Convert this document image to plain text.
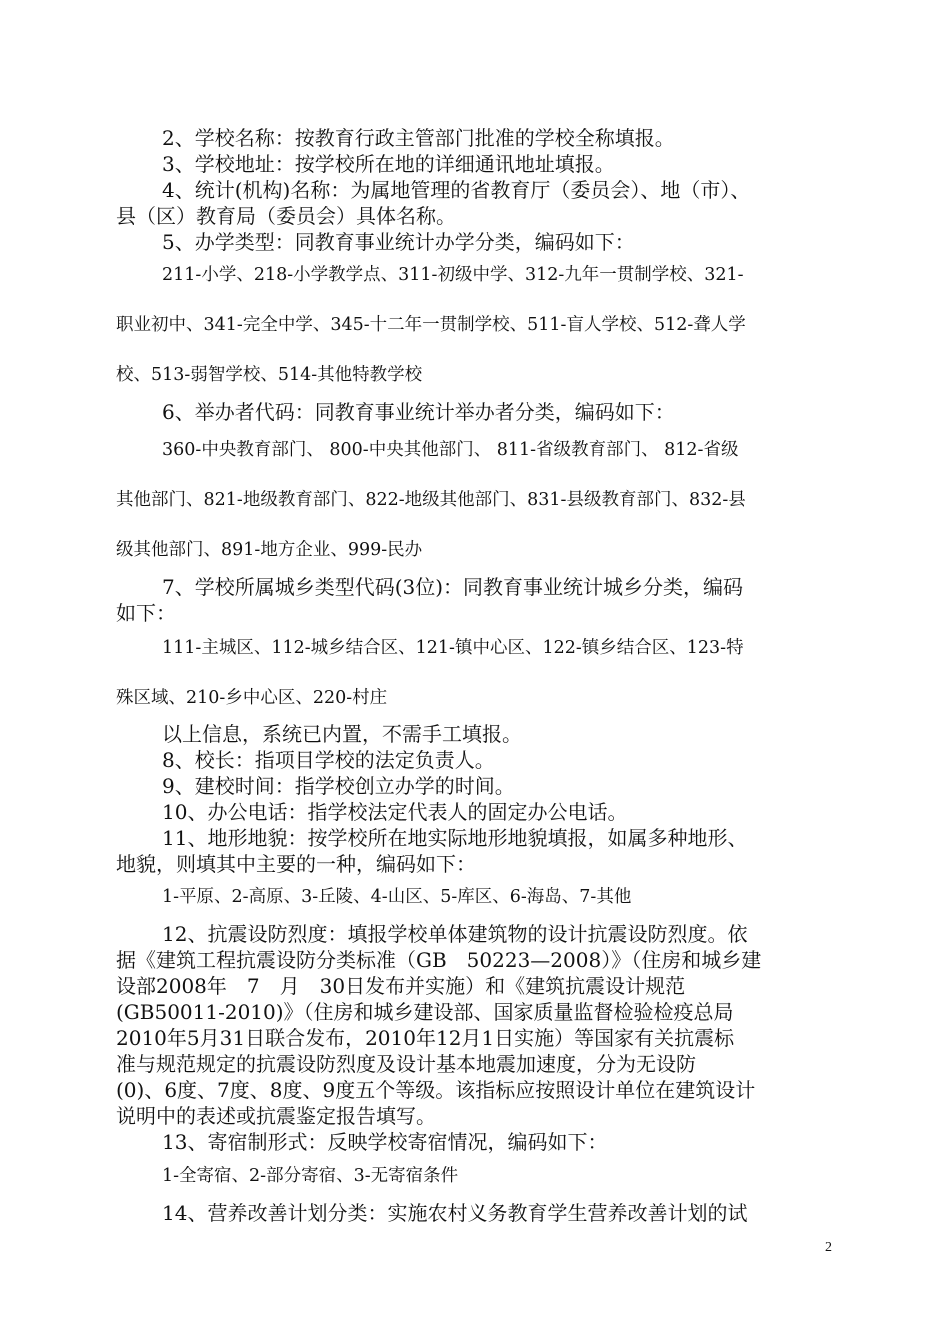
2、学校名称：按教育行政主管部门批准的学校全称填报。
3、学校地址：按学校所在地的详细通讯地址填报。
4、统计(机构)名称：为属地管理的省教育厅（委员会）、地（市）、
县（区）教育局（委员会）具体名称。
5、办学类型：同教育事业统计办学分类，编码如下：
211-小学、218-小学教学点、311-初级中学、312-九年一贯制学校、321-
职业初中、341-完全中学、345-十二年一贯制学校、511-盲人学校、512-聋人学
校、513-弱智学校、514-其他特教学校
6、举办者代码：同教育事业统计举办者分类，编码如下：
360-中央教育部门、 800-中央其他部门、 811-省级教育部门、 812-省级
其他部门、821-地级教育部门、822-地级其他部门、831-县级教育部门、832-县
级其他部门、891-地方企业、999-民办
7、学校所属城乡类型代码(3位)：同教育事业统计城乡分类，编码
如下：
111-主城区、112-城乡结合区、121-镇中心区、122-镇乡结合区、123-特
殊区域、210-乡中心区、220-村庄
以上信息，系统已内置，不需手工填报。
8、校长：指项目学校的法定负责人。
9、建校时间：指学校创立办学的时间。
10、办公电话：指学校法定代表人的固定办公电话。
11、地形地貌：按学校所在地实际地形地貌填报，如属多种地形、
地貌，则填其中主要的一种，编码如下：
1-平原、2-高原、3-丘陵、4-山区、5-库区、6-海岛、7-其他
12、抗震设防烈度：填报学校单体建筑物的设计抗震设防烈度。依
据《建筑工程抗震设防分类标准（GB　50223—2008）》（住房和城乡建
设部2008年　7　月　30日发布并实施）和《建筑抗震设计规范
(GB50011-2010)》（住房和城乡建设部、国家质量监督检验检疫总局
2010年5月31日联合发布，2010年12月1日实施）等国家有关抗震标
准与规范规定的抗震设防烈度及设计基本地震加速度，分为无设防
(0)、6度、7度、8度、9度五个等级。该指标应按照设计单位在建筑设计
说明中的表述或抗震鉴定报告填写。
13、寄宿制形式：反映学校寄宿情况，编码如下：
1-全寄宿、2-部分寄宿、3-无寄宿条件
14、营养改善计划分类：实施农村义务教育学生营养改善计划的试
2
